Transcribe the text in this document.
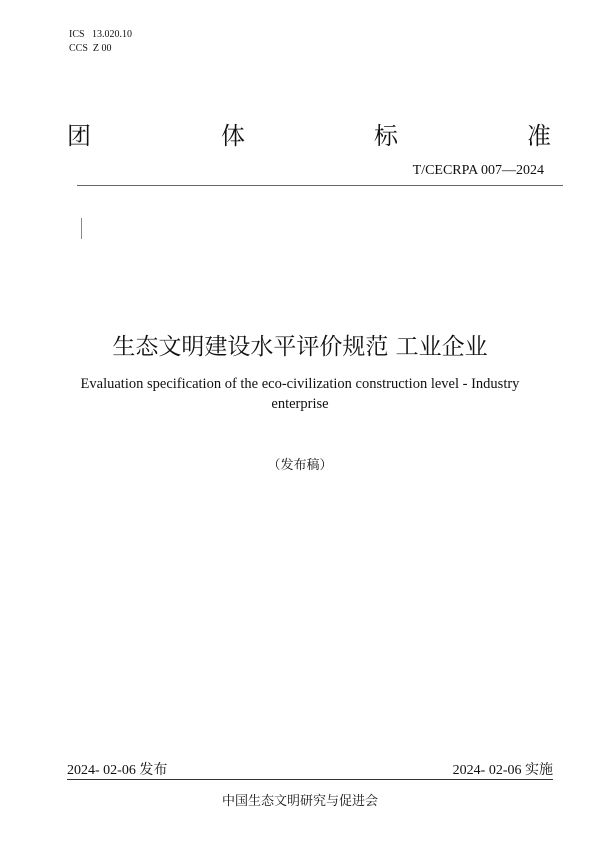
ICS   13.020.10
CCS  Z 00
团	体	标	准
T/CECRPA 007—2024
生态文明建设水平评价规范 工业企业
Evaluation specification of the eco-civilization construction level - Industry
enterprise
（发布稿）
2024- 02-06 发布	2024- 02-06 实施
中国生态文明研究与促进会
